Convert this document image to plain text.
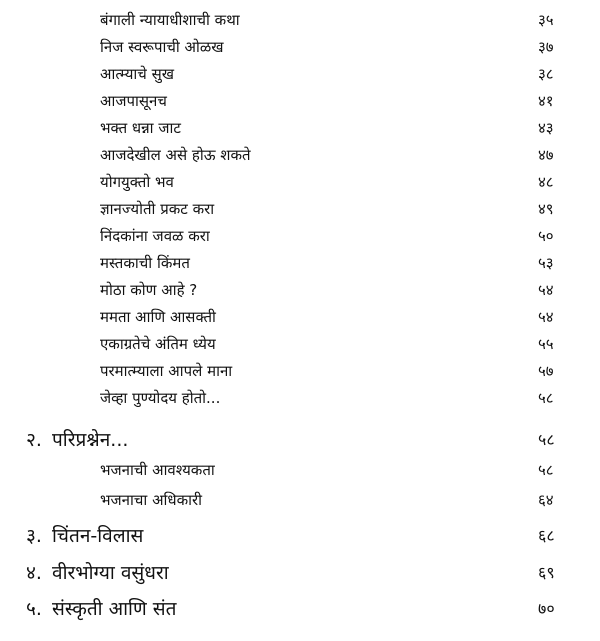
बंगाली न्यायाधीशाची कथा	३५
निज स्वरूपाची ओळख	३७
आत्म्याचे सुख	३८
आजपासूनच	४१
भक्त धन्ना जाट	४३
आजदेखील असे होऊ शकते	४७
योगयुक्तो भव	४८
ज्ञानज्योती प्रकट करा	४९
निंदकांना जवळ करा	५०
मस्तकाची किंमत	५३
मोठा कोण आहे ?	५४
ममता आणि आसक्ती	५४
एकाग्रतेचे अंतिम ध्येय	५५
परमात्म्याला आपले माना	५७
जेव्हा पुण्योदय होतो...	५८
२. परिप्रश्नेन...	५८
भजनाची आवश्यकता	५८
भजनाचा अधिकारी	६४
३. चिंतन-विलास	६८
४. वीरभोग्या वसुंधरा	६९
५. संस्कृती आणि संत	७०
